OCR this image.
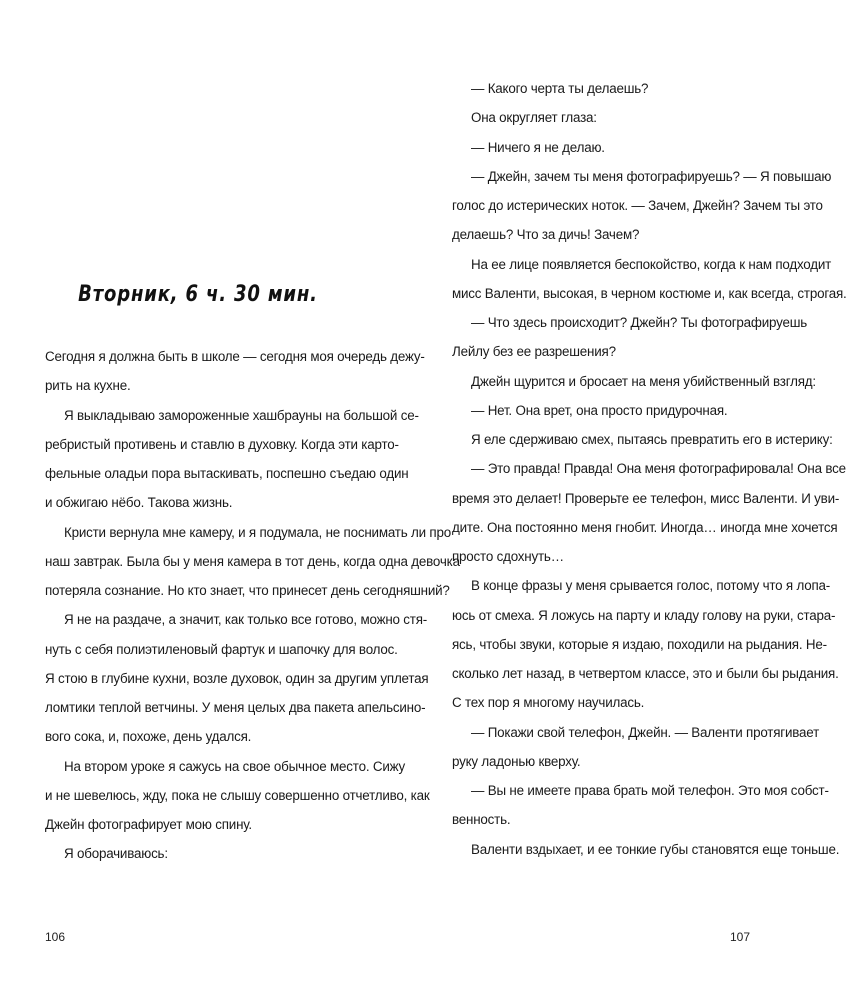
Вторник, 6 ч. 30 мин.
Сегодня я должна быть в школе — сегодня моя очередь дежу-
рить на кухне.
Я выкладываю замороженные хашбрауны на большой се-
ребристый противень и ставлю в духовку. Когда эти карто-
фельные оладьи пора вытаскивать, поспешно съедаю один
и обжигаю нёбо. Такова жизнь.
Кристи вернула мне камеру, и я подумала, не поснимать ли про
наш завтрак. Была бы у меня камера в тот день, когда одна девочка
потеряла сознание. Но кто знает, что принесет день сегодняшний?
Я не на раздаче, а значит, как только все готово, можно стя-
нуть с себя полиэтиленовый фартук и шапочку для волос.
Я стою в глубине кухни, возле духовок, один за другим уплетая
ломтики теплой ветчины. У меня целых два пакета апельсино-
вого сока, и, похоже, день удался.
На втором уроке я сажусь на свое обычное место. Сижу
и не шевелюсь, жду, пока не слышу совершенно отчетливо, как
Джейн фотографирует мою спину.
Я оборачиваюсь:
106
— Какого черта ты делаешь?
Она округляет глаза:
— Ничего я не делаю.
— Джейн, зачем ты меня фотографируешь? — Я повышаю
голос до истерических ноток. — Зачем, Джейн? Зачем ты это
делаешь? Что за дичь! Зачем?
На ее лице появляется беспокойство, когда к нам подходит
мисс Валенти, высокая, в черном костюме и, как всегда, строгая.
— Что здесь происходит? Джейн? Ты фотографируешь
Лейлу без ее разрешения?
Джейн щурится и бросает на меня убийственный взгляд:
— Нет. Она врет, она просто придурочная.
Я еле сдерживаю смех, пытаясь превратить его в истерику:
— Это правда! Правда! Она меня фотографировала! Она все
время это делает! Проверьте ее телефон, мисс Валенти. И уви-
дите. Она постоянно меня гнобит. Иногда… иногда мне хочется
просто сдохнуть…
В конце фразы у меня срывается голос, потому что я лопа-
юсь от смеха. Я ложусь на парту и кладу голову на руки, стара-
ясь, чтобы звуки, которые я издаю, походили на рыдания. Не-
сколько лет назад, в четвертом классе, это и были бы рыдания.
С тех пор я многому научилась.
— Покажи свой телефон, Джейн. — Валенти протягивает
руку ладонью кверху.
— Вы не имеете права брать мой телефон. Это моя собст-
венность.
Валенти вздыхает, и ее тонкие губы становятся еще тоньше.
107
